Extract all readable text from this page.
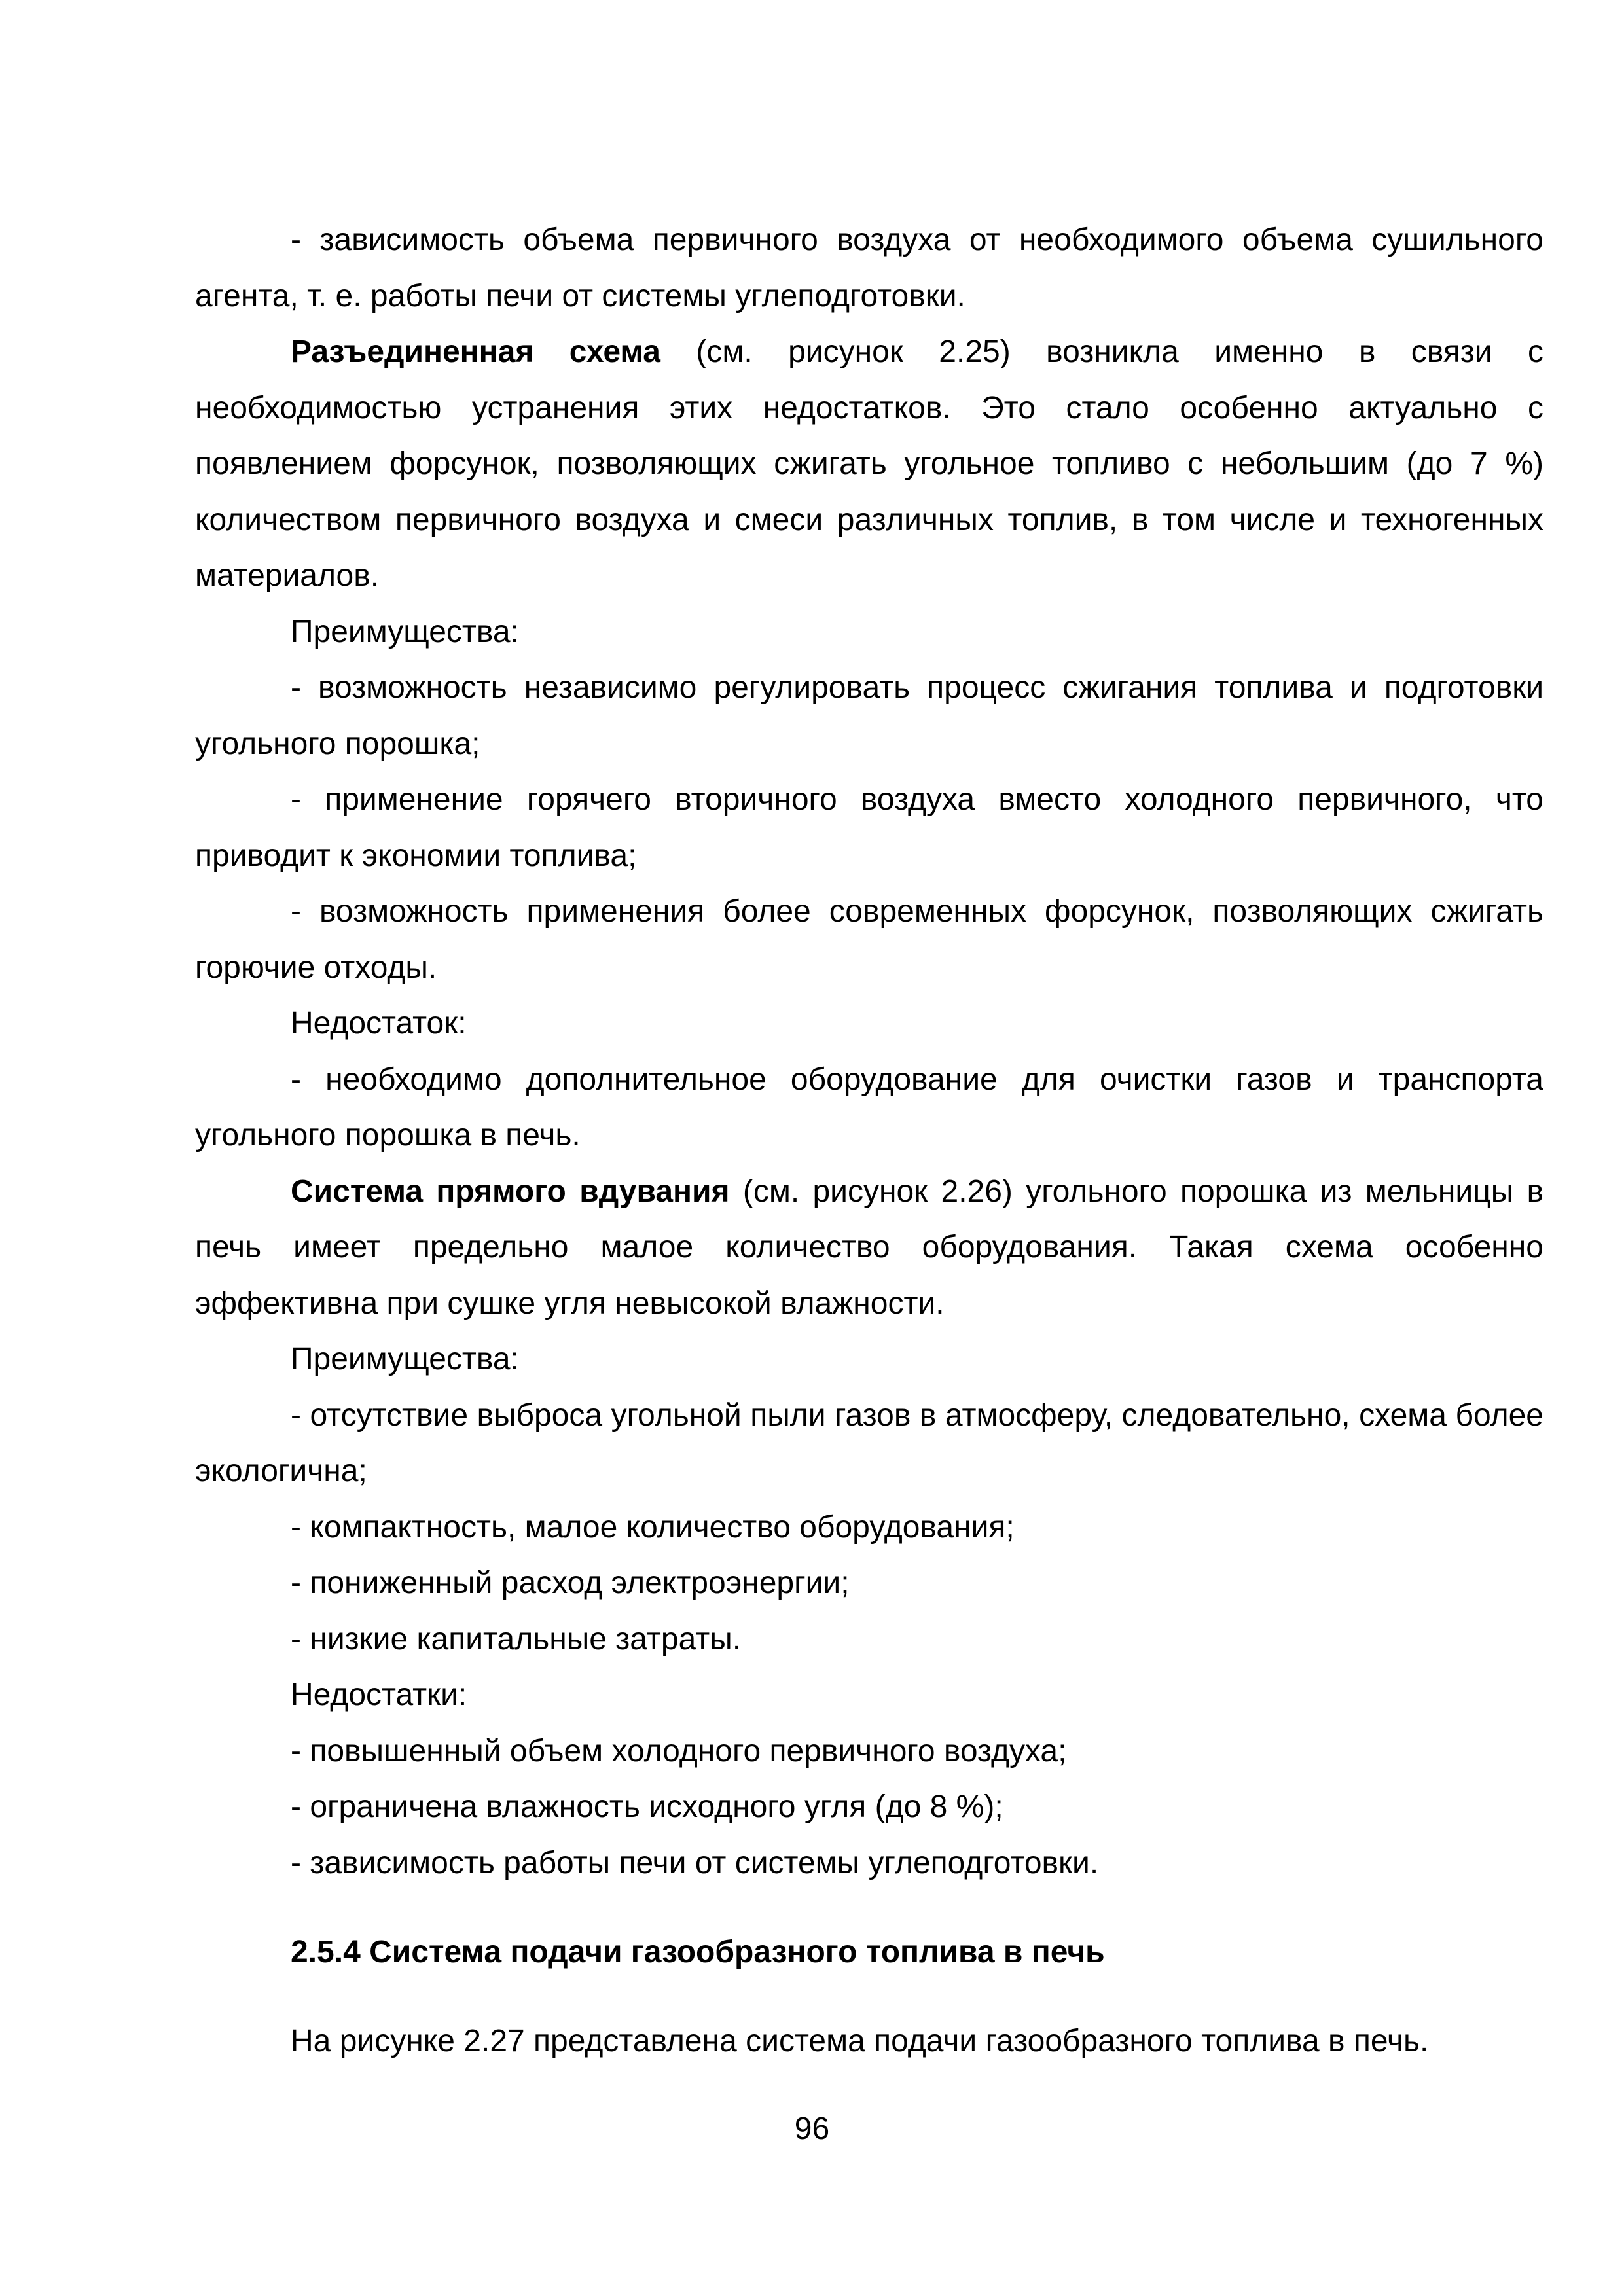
- зависимость объема первичного воздуха от необходимого объема сушильного агента, т. е. работы печи от системы углеподготовки.

Разъединенная схема (см. рисунок 2.25) возникла именно в связи с необходимостью устранения этих недостатков. Это стало особенно актуально с появлением форсунок, позволяющих сжигать угольное топливо с небольшим (до 7 %) количеством первичного воздуха и смеси различных топлив, в том числе и техногенных материалов.

Преимущества:

- возможность независимо регулировать процесс сжигания топлива и подготовки угольного порошка;

- применение горячего вторичного воздуха вместо холодного первичного, что приводит к экономии топлива;

- возможность применения более современных форсунок, позволяющих сжигать горючие отходы.

Недостаток:

- необходимо дополнительное оборудование для очистки газов и транспорта угольного порошка в печь.

Система прямого вдувания (см. рисунок 2.26) угольного порошка из мельницы в печь имеет предельно малое количество оборудования. Такая схема особенно эффективна при сушке угля невысокой влажности.

Преимущества:

- отсутствие выброса угольной пыли газов в атмосферу, следовательно, схема более экологична;

- компактность, малое количество оборудования;

- пониженный расход электроэнергии;

- низкие капитальные затраты.

Недостатки:

- повышенный объем холодного первичного воздуха;

- ограничена влажность исходного угля (до 8 %);

- зависимость работы печи от системы углеподготовки.

2.5.4 Система подачи газообразного топлива в печь

На рисунке 2.27 представлена система подачи газообразного топлива в печь.

96
